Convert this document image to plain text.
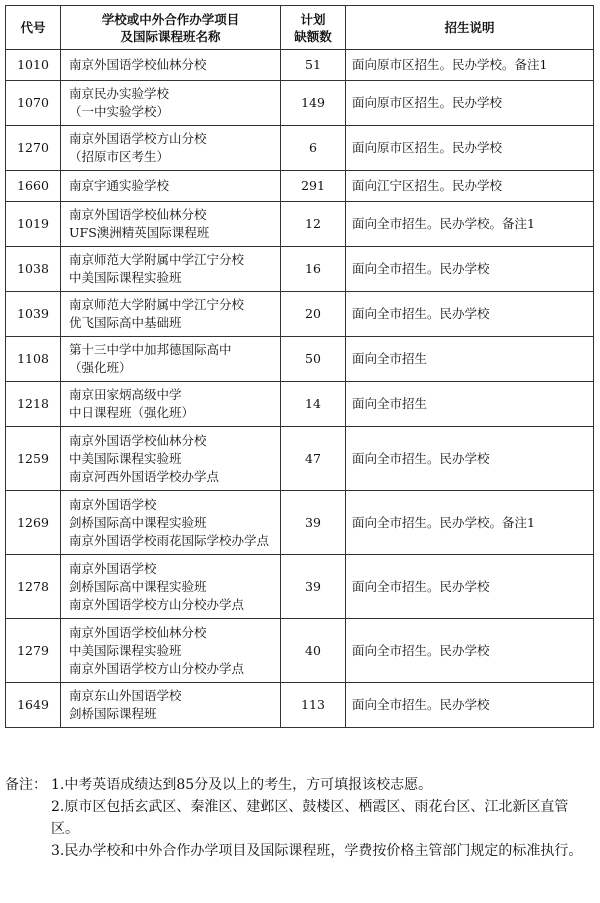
代号	学校或中外合作办学项目
及国际课程班名称	计划
缺额数	招生说明
1010	南京外国语学校仙林分校	51	面向原市区招生。民办学校。备注1
1070	南京民办实验学校
（一中实验学校）	149	面向原市区招生。民办学校
1270	南京外国语学校方山分校
（招原市区考生）	6	面向原市区招生。民办学校
1660	南京宇通实验学校	291	面向江宁区招生。民办学校
1019	南京外国语学校仙林分校
UFS澳洲精英国际课程班	12	面向全市招生。民办学校。备注1
1038	南京师范大学附属中学江宁分校
中美国际课程实验班	16	面向全市招生。民办学校
1039	南京师范大学附属中学江宁分校
优飞国际高中基础班	20	面向全市招生。民办学校
1108	第十三中学中加邦德国际高中
（强化班）	50	面向全市招生
1218	南京田家炳高级中学
中日课程班（强化班）	14	面向全市招生
1259	南京外国语学校仙林分校
中美国际课程实验班
南京河西外国语学校办学点	47	面向全市招生。民办学校
1269	南京外国语学校
剑桥国际高中课程实验班
南京外国语学校雨花国际学校办学点	39	面向全市招生。民办学校。备注1
1278	南京外国语学校
剑桥国际高中课程实验班
南京外国语学校方山分校办学点	39	面向全市招生。民办学校
1279	南京外国语学校仙林分校
中美国际课程实验班
南京外国语学校方山分校办学点	40	面向全市招生。民办学校
1649	南京东山外国语学校
剑桥国际课程班	113	面向全市招生。民办学校
备注： 1.中考英语成绩达到85分及以上的考生，方可填报该校志愿。
2.原市区包括玄武区、秦淮区、建邺区、鼓楼区、栖霞区、雨花台区、江北新区直管区。
3.民办学校和中外合作办学项目及国际课程班，学费按价格主管部门规定的标准执行。
